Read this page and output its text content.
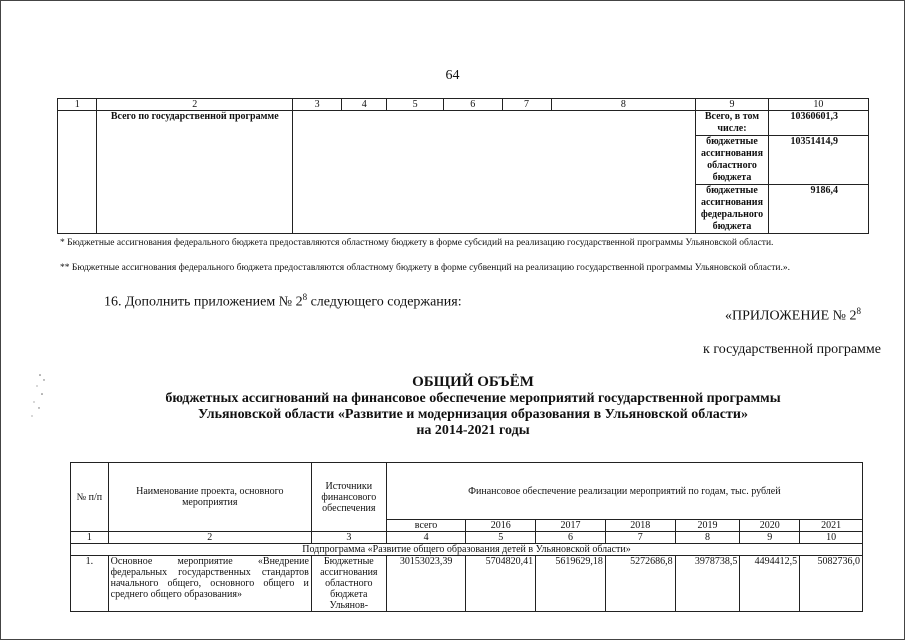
64
1	2	3	4	5	6	7	8	9	10
	Всего по государственной программе							Всего, в том числе:	10360601,3
								бюджетные ассигнования областного бюджета	10351414,9
								бюджетные ассигнования федерального бюджета	9186,4
* Бюджетные ассигнования федерального бюджета предоставляются областному бюджету в форме субсидий на реализацию государственной программы Ульяновской области.
** Бюджетные ассигнования федерального бюджета предоставляются областному бюджету в форме субвенций на реализацию государственной программы Ульяновской области.».
16. Дополнить приложением № $2^8$ следующего содержания:
«ПРИЛОЖЕНИЕ № $2^8$
к государственной программе
ОБЩИЙ ОБЪЁМ
бюджетных ассигнований на финансовое обеспечение мероприятий государственной программы
Ульяновской области «Развитие и модернизация образования в Ульяновской области»
на 2014-2021 годы
№ п/п	Наименование проекта, основного мероприятия	Источники финансового обеспечения	Финансовое обеспечение реализации мероприятий по годам, тыс. рублей						
			всего	2016	2017	2018	2019	2020	2021
1	2	3	4	5	6	7	8	9	10
Подпрограмма «Развитие общего образования детей в Ульяновской области»									
1.	Основное мероприятие «Внедрение федеральных государственных стандартов начального общего, основного общего и среднего общего образования»	Бюджетные ассигнования областного бюджета Ульянов-	30153023,39	5704820,41	5619629,18	5272686,8	3978738,5	4494412,5	5082736,0
